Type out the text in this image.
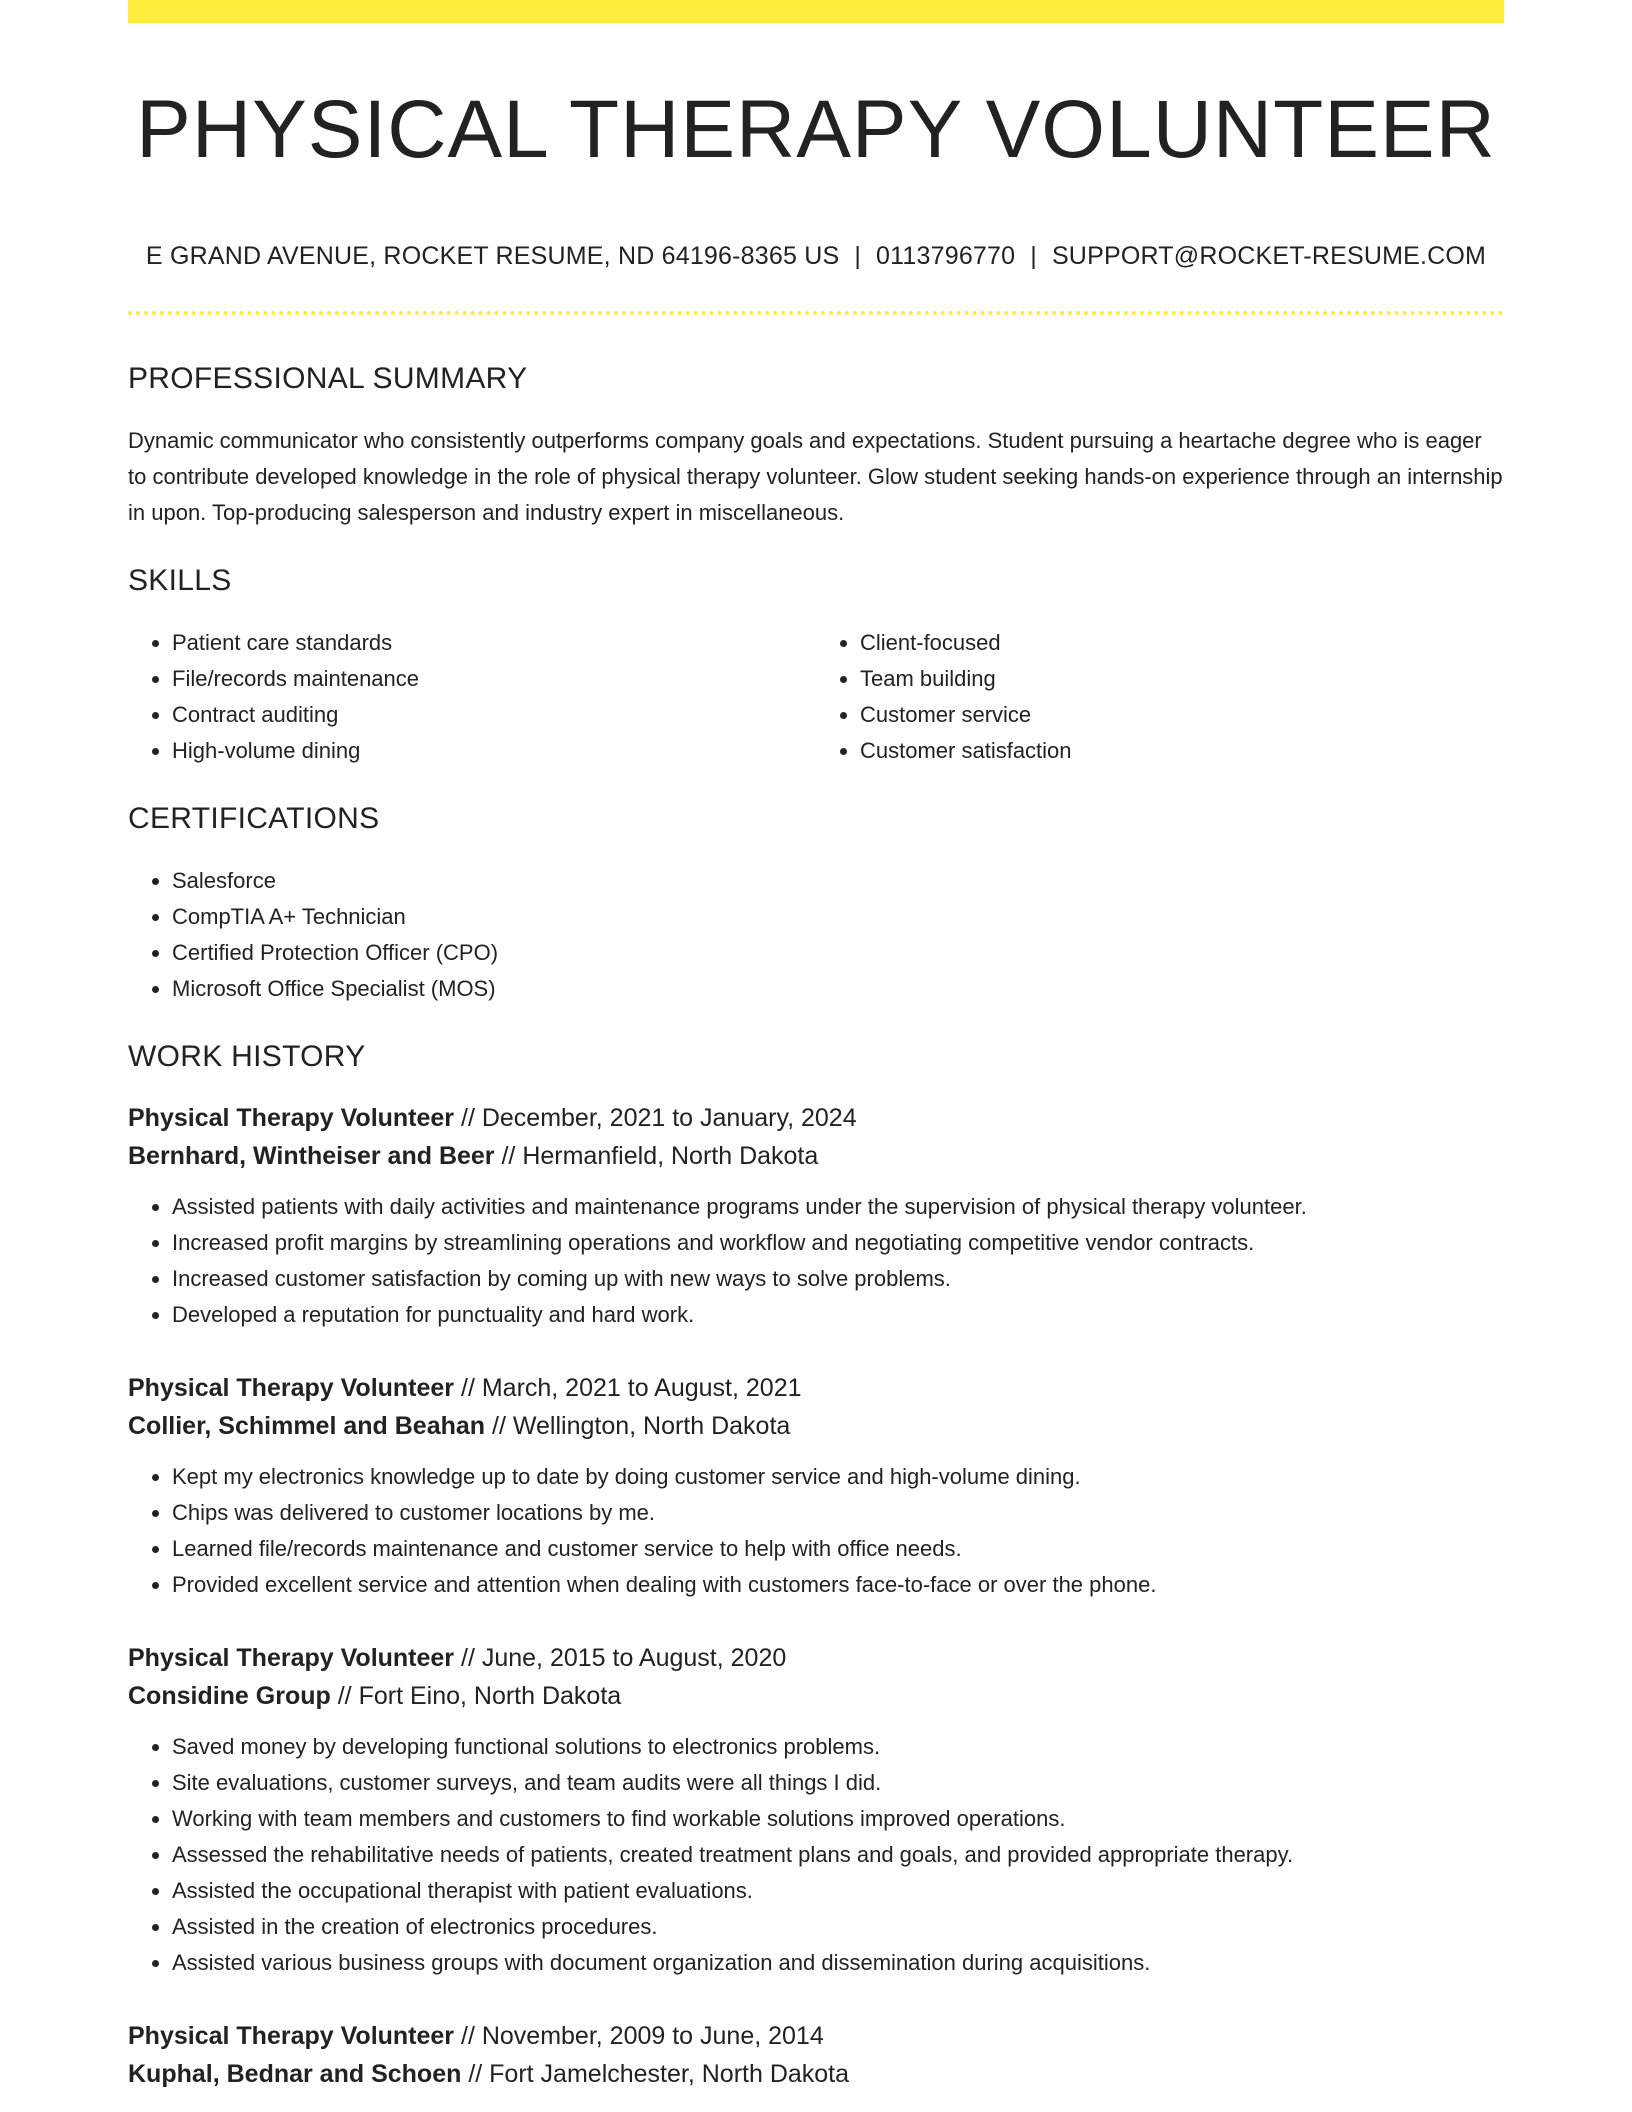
PHYSICAL THERAPY VOLUNTEER
E GRAND AVENUE, ROCKET RESUME, ND 64196-8365 US | 0113796770 | SUPPORT@ROCKET-RESUME.COM
PROFESSIONAL SUMMARY
Dynamic communicator who consistently outperforms company goals and expectations. Student pursuing a heartache degree who is eager to contribute developed knowledge in the role of physical therapy volunteer. Glow student seeking hands-on experience through an internship in upon. Top-producing salesperson and industry expert in miscellaneous.
SKILLS
• Patient care standards
• File/records maintenance
• Contract auditing
• High-volume dining
• Client-focused
• Team building
• Customer service
• Customer satisfaction
CERTIFICATIONS
• Salesforce
• CompTIA A+ Technician
• Certified Protection Officer (CPO)
• Microsoft Office Specialist (MOS)
WORK HISTORY
Physical Therapy Volunteer // December, 2021 to January, 2024
Bernhard, Wintheiser and Beer // Hermanfield, North Dakota
• Assisted patients with daily activities and maintenance programs under the supervision of physical therapy volunteer.
• Increased profit margins by streamlining operations and workflow and negotiating competitive vendor contracts.
• Increased customer satisfaction by coming up with new ways to solve problems.
• Developed a reputation for punctuality and hard work.
Physical Therapy Volunteer // March, 2021 to August, 2021
Collier, Schimmel and Beahan // Wellington, North Dakota
• Kept my electronics knowledge up to date by doing customer service and high-volume dining.
• Chips was delivered to customer locations by me.
• Learned file/records maintenance and customer service to help with office needs.
• Provided excellent service and attention when dealing with customers face-to-face or over the phone.
Physical Therapy Volunteer // June, 2015 to August, 2020
Considine Group // Fort Eino, North Dakota
• Saved money by developing functional solutions to electronics problems.
• Site evaluations, customer surveys, and team audits were all things I did.
• Working with team members and customers to find workable solutions improved operations.
• Assessed the rehabilitative needs of patients, created treatment plans and goals, and provided appropriate therapy.
• Assisted the occupational therapist with patient evaluations.
• Assisted in the creation of electronics procedures.
• Assisted various business groups with document organization and dissemination during acquisitions.
Physical Therapy Volunteer // November, 2009 to June, 2014
Kuphal, Bednar and Schoen // Fort Jamelchester, North Dakota
